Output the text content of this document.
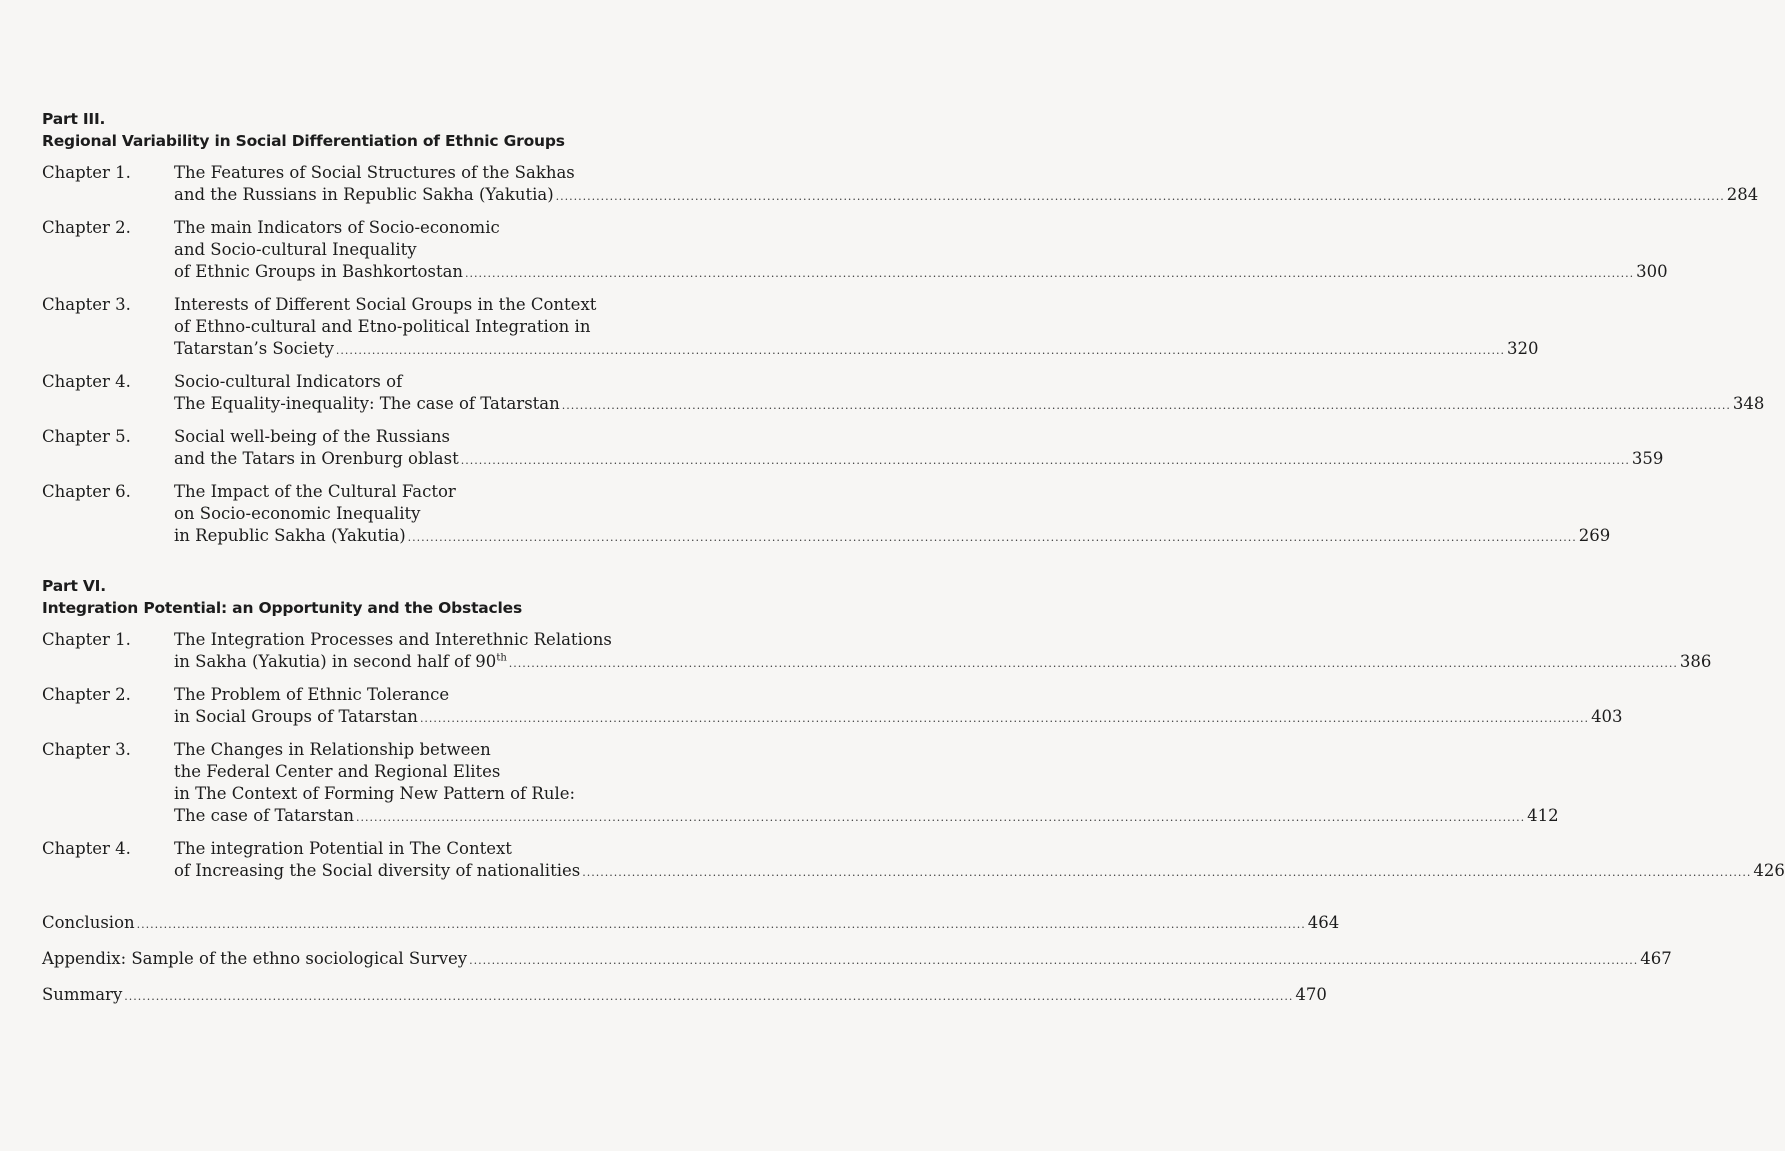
Part III.
Regional Variability in Social Differentiation of Ethnic Groups
Chapter 1.	The Features of Social Structures of the Sakhas
and the Russians in Republic Sakha (Yakutia) .....	284
Chapter 2.	The main Indicators of Socio-economic
and Socio-cultural Inequality
of Ethnic Groups in Bashkortostan .....	300
Chapter 3.	Interests of Different Social Groups in the Context
of Ethno-cultural and Etno-political Integration in
Tatarstan’s Society .....	320
Chapter 4.	Socio-cultural Indicators of
The Equality-inequality: The case of Tatarstan .....	348
Chapter 5.	Social well-being of the Russians
and the Tatars in Orenburg oblast .....	359
Chapter 6.	The Impact of the Cultural Factor
on Socio-economic Inequality
in Republic Sakha (Yakutia) .....	269
Part VI.
Integration Potential: an Opportunity and the Obstacles
Chapter 1.	The Integration Processes and Interethnic Relations
in Sakha (Yakutia) in second half of 90th .....	386
Chapter 2.	The Problem of Ethnic Tolerance
in Social Groups of Tatarstan .....	403
Chapter 3.	The Changes in Relationship between
the Federal Center and Regional Elites
in The Context of Forming New Pattern of Rule:
The case of Tatarstan .....	412
Chapter 4.	The integration Potential in The Context
of Increasing the Social diversity of nationalities .....	426
Conclusion .....	464
Appendix: Sample of the ethno sociological Survey .....	467
Summary .....	470
